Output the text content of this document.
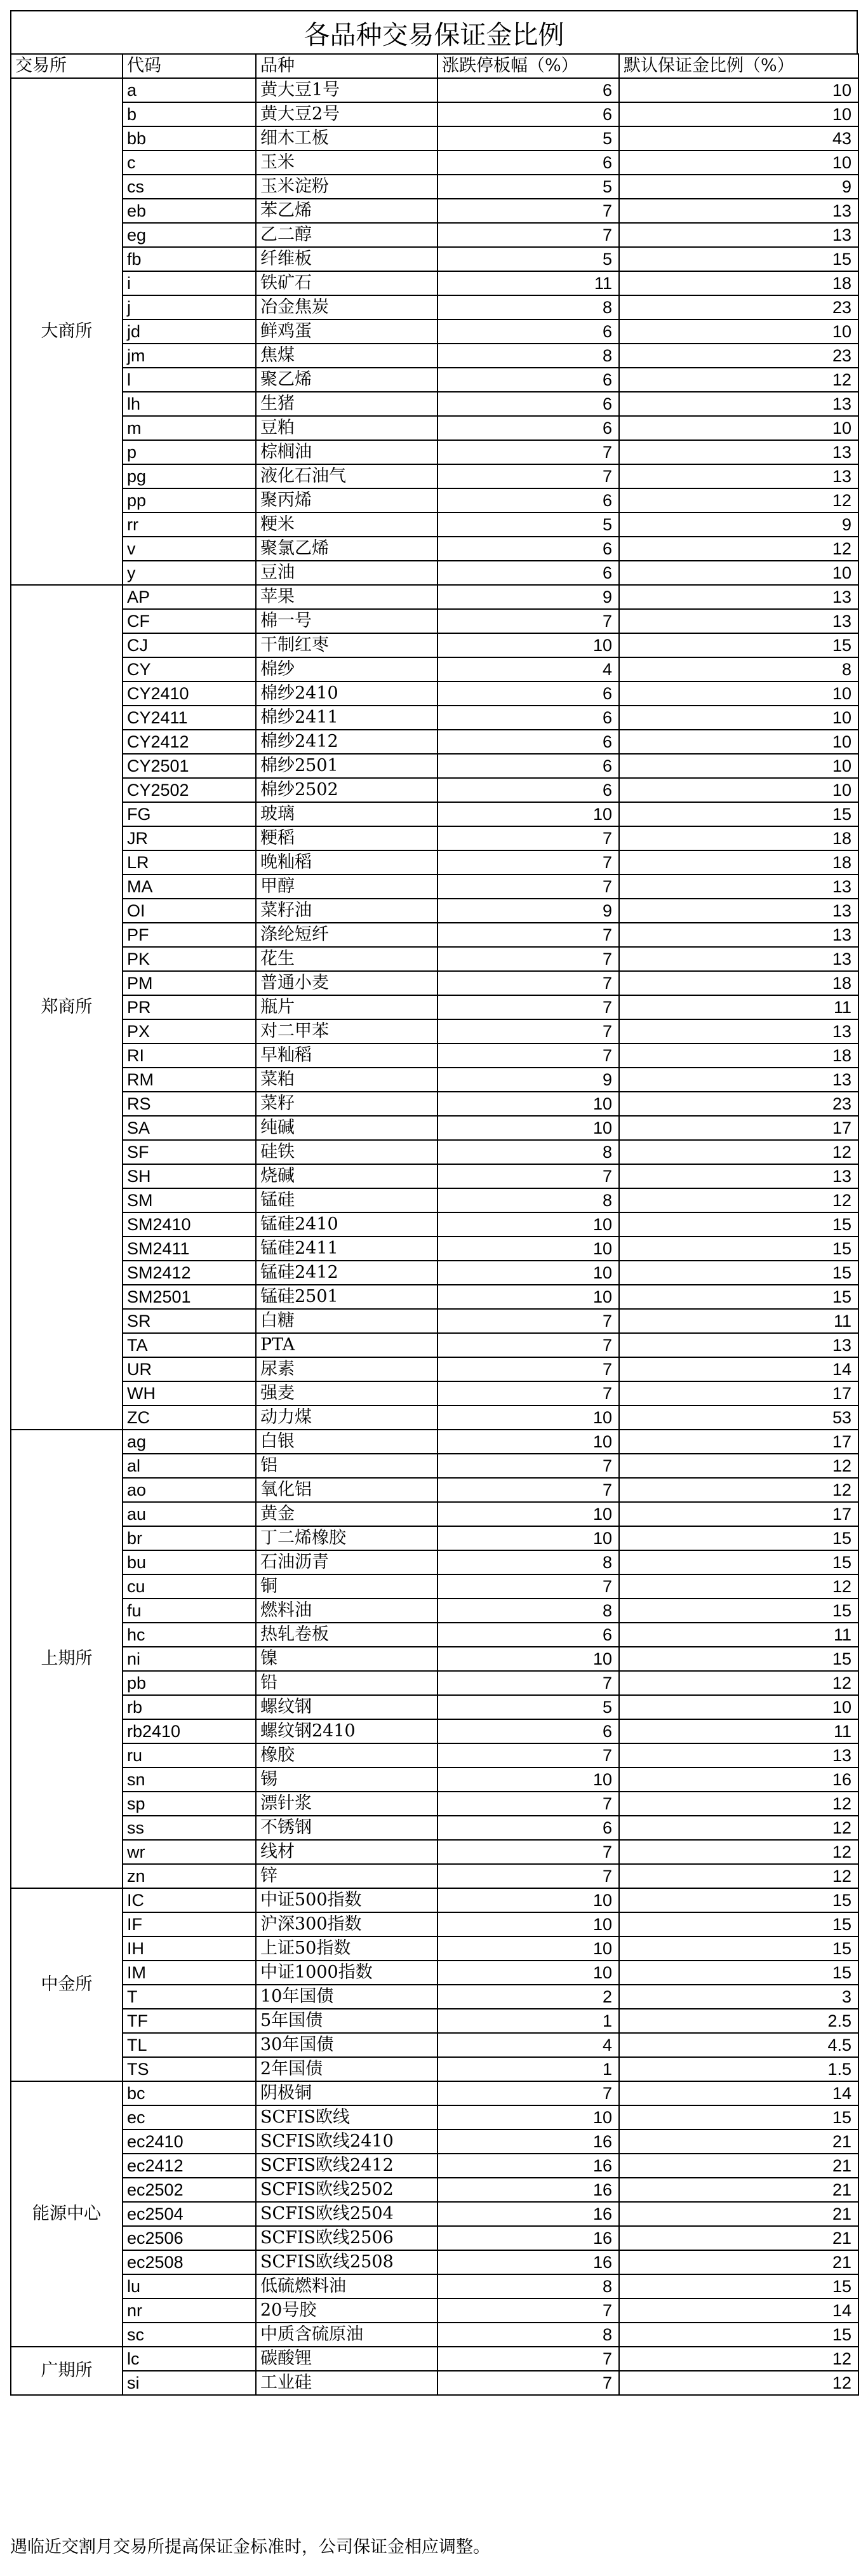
各品种交易保证金比例
交易所	代码	品种	涨跌停板幅（%）	默认保证金比例（%）
大商所	a	黄大豆1号	6	10
	b	黄大豆2号	6	10
	bb	细木工板	5	43
	c	玉米	6	10
	cs	玉米淀粉	5	9
	eb	苯乙烯	7	13
	eg	乙二醇	7	13
	fb	纤维板	5	15
	i	铁矿石	11	18
	j	冶金焦炭	8	23
	jd	鲜鸡蛋	6	10
	jm	焦煤	8	23
	l	聚乙烯	6	12
	lh	生猪	6	13
	m	豆粕	6	10
	p	棕榈油	7	13
	pg	液化石油气	7	13
	pp	聚丙烯	6	12
	rr	粳米	5	9
	v	聚氯乙烯	6	12
	y	豆油	6	10
郑商所	AP	苹果	9	13
	CF	棉一号	7	13
	CJ	干制红枣	10	15
	CY	棉纱	4	8
	CY2410	棉纱2410	6	10
	CY2411	棉纱2411	6	10
	CY2412	棉纱2412	6	10
	CY2501	棉纱2501	6	10
	CY2502	棉纱2502	6	10
	FG	玻璃	10	15
	JR	粳稻	7	18
	LR	晚籼稻	7	18
	MA	甲醇	7	13
	OI	菜籽油	9	13
	PF	涤纶短纤	7	13
	PK	花生	7	13
	PM	普通小麦	7	18
	PR	瓶片	7	11
	PX	对二甲苯	7	13
	RI	早籼稻	7	18
	RM	菜粕	9	13
	RS	菜籽	10	23
	SA	纯碱	10	17
	SF	硅铁	8	12
	SH	烧碱	7	13
	SM	锰硅	8	12
	SM2410	锰硅2410	10	15
	SM2411	锰硅2411	10	15
	SM2412	锰硅2412	10	15
	SM2501	锰硅2501	10	15
	SR	白糖	7	11
	TA	PTA	7	13
	UR	尿素	7	14
	WH	强麦	7	17
	ZC	动力煤	10	53
上期所	ag	白银	10	17
	al	铝	7	12
	ao	氧化铝	7	12
	au	黄金	10	17
	br	丁二烯橡胶	10	15
	bu	石油沥青	8	15
	cu	铜	7	12
	fu	燃料油	8	15
	hc	热轧卷板	6	11
	ni	镍	10	15
	pb	铅	7	12
	rb	螺纹钢	5	10
	rb2410	螺纹钢2410	6	11
	ru	橡胶	7	13
	sn	锡	10	16
	sp	漂针浆	7	12
	ss	不锈钢	6	12
	wr	线材	7	12
	zn	锌	7	12
中金所	IC	中证500指数	10	15
	IF	沪深300指数	10	15
	IH	上证50指数	10	15
	IM	中证1000指数	10	15
	T	10年国债	2	3
	TF	5年国债	1	2.5
	TL	30年国债	4	4.5
	TS	2年国债	1	1.5
能源中心	bc	阴极铜	7	14
	ec	SCFIS欧线	10	15
	ec2410	SCFIS欧线2410	16	21
	ec2412	SCFIS欧线2412	16	21
	ec2502	SCFIS欧线2502	16	21
	ec2504	SCFIS欧线2504	16	21
	ec2506	SCFIS欧线2506	16	21
	ec2508	SCFIS欧线2508	16	21
	lu	低硫燃料油	8	15
	nr	20号胶	7	14
	sc	中质含硫原油	8	15
广期所	lc	碳酸锂	7	12
	si	工业硅	7	12
遇临近交割月交易所提高保证金标准时，公司保证金相应调整。
